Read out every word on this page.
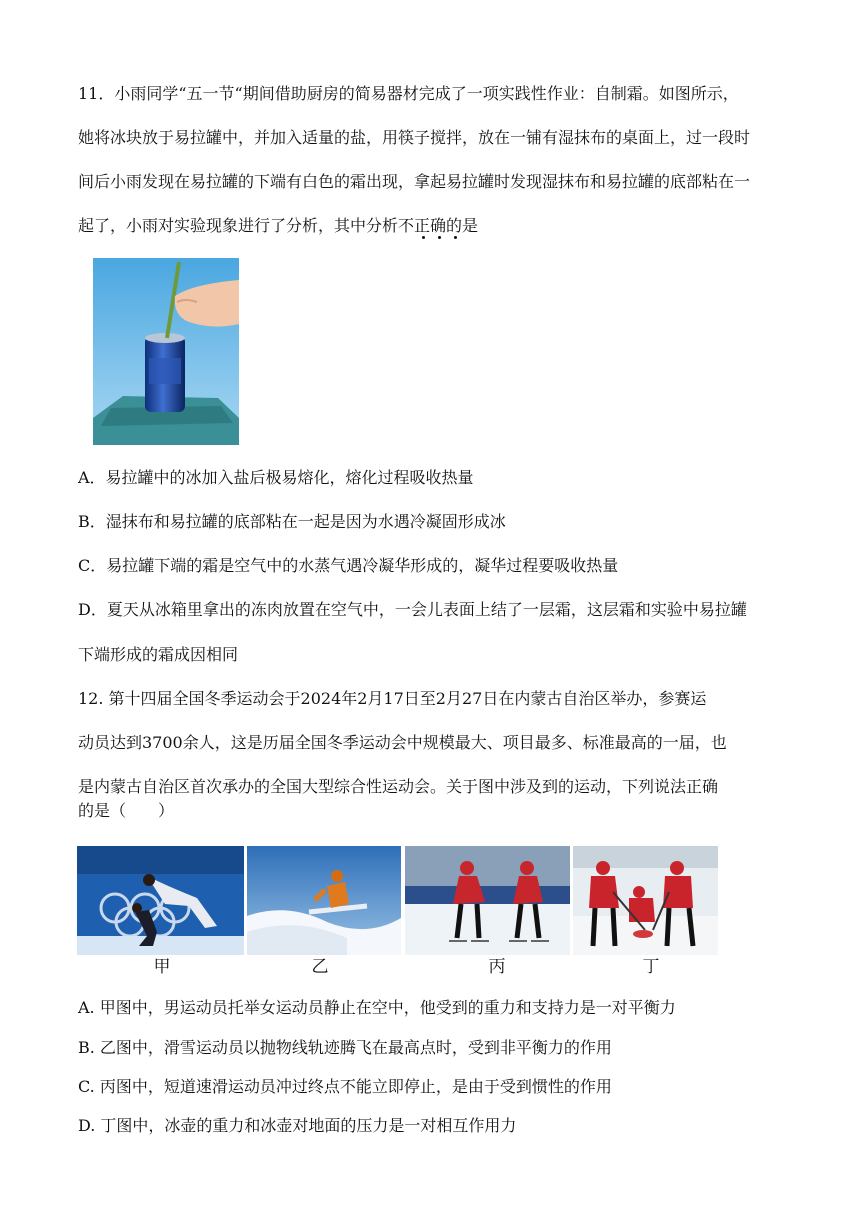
11．小雨同学“五一节“期间借助厨房的简易器材完成了一项实践性作业：自制霜。如图所示，
她将冰块放于易拉罐中，并加入适量的盐，用筷子搅拌，放在一铺有湿抹布的桌面上，过一段时
间后小雨发现在易拉罐的下端有白色的霜出现，拿起易拉罐时发现湿抹布和易拉罐的底部粘在一
起了，小雨对实验现象进行了分析，其中分析不正确的是
A．易拉罐中的冰加入盐后极易熔化，熔化过程吸收热量
B．湿抹布和易拉罐的底部粘在一起是因为水遇冷凝固形成冰
C．易拉罐下端的霜是空气中的水蒸气遇冷凝华形成的，凝华过程要吸收热量
D．夏天从冰箱里拿出的冻肉放置在空气中，一会儿表面上结了一层霜，这层霜和实验中易拉罐
下端形成的霜成因相同
12. 第十四届全国冬季运动会于2024年2月17日至2月27日在内蒙古自治区举办，参赛运
动员达到3700余人，这是历届全国冬季运动会中规模最大、项目最多、标准最高的一届，也
是内蒙古自治区首次承办的全国大型综合性运动会。关于图中涉及到的运动，下列说法正确
的是（　　）
甲	乙	丙	丁
A. 甲图中，男运动员托举女运动员静止在空中，他受到的重力和支持力是一对平衡力
B. 乙图中，滑雪运动员以抛物线轨迹腾飞在最高点时，受到非平衡力的作用
C. 丙图中，短道速滑运动员冲过终点不能立即停止，是由于受到惯性的作用
D. 丁图中，冰壶的重力和冰壶对地面的压力是一对相互作用力
